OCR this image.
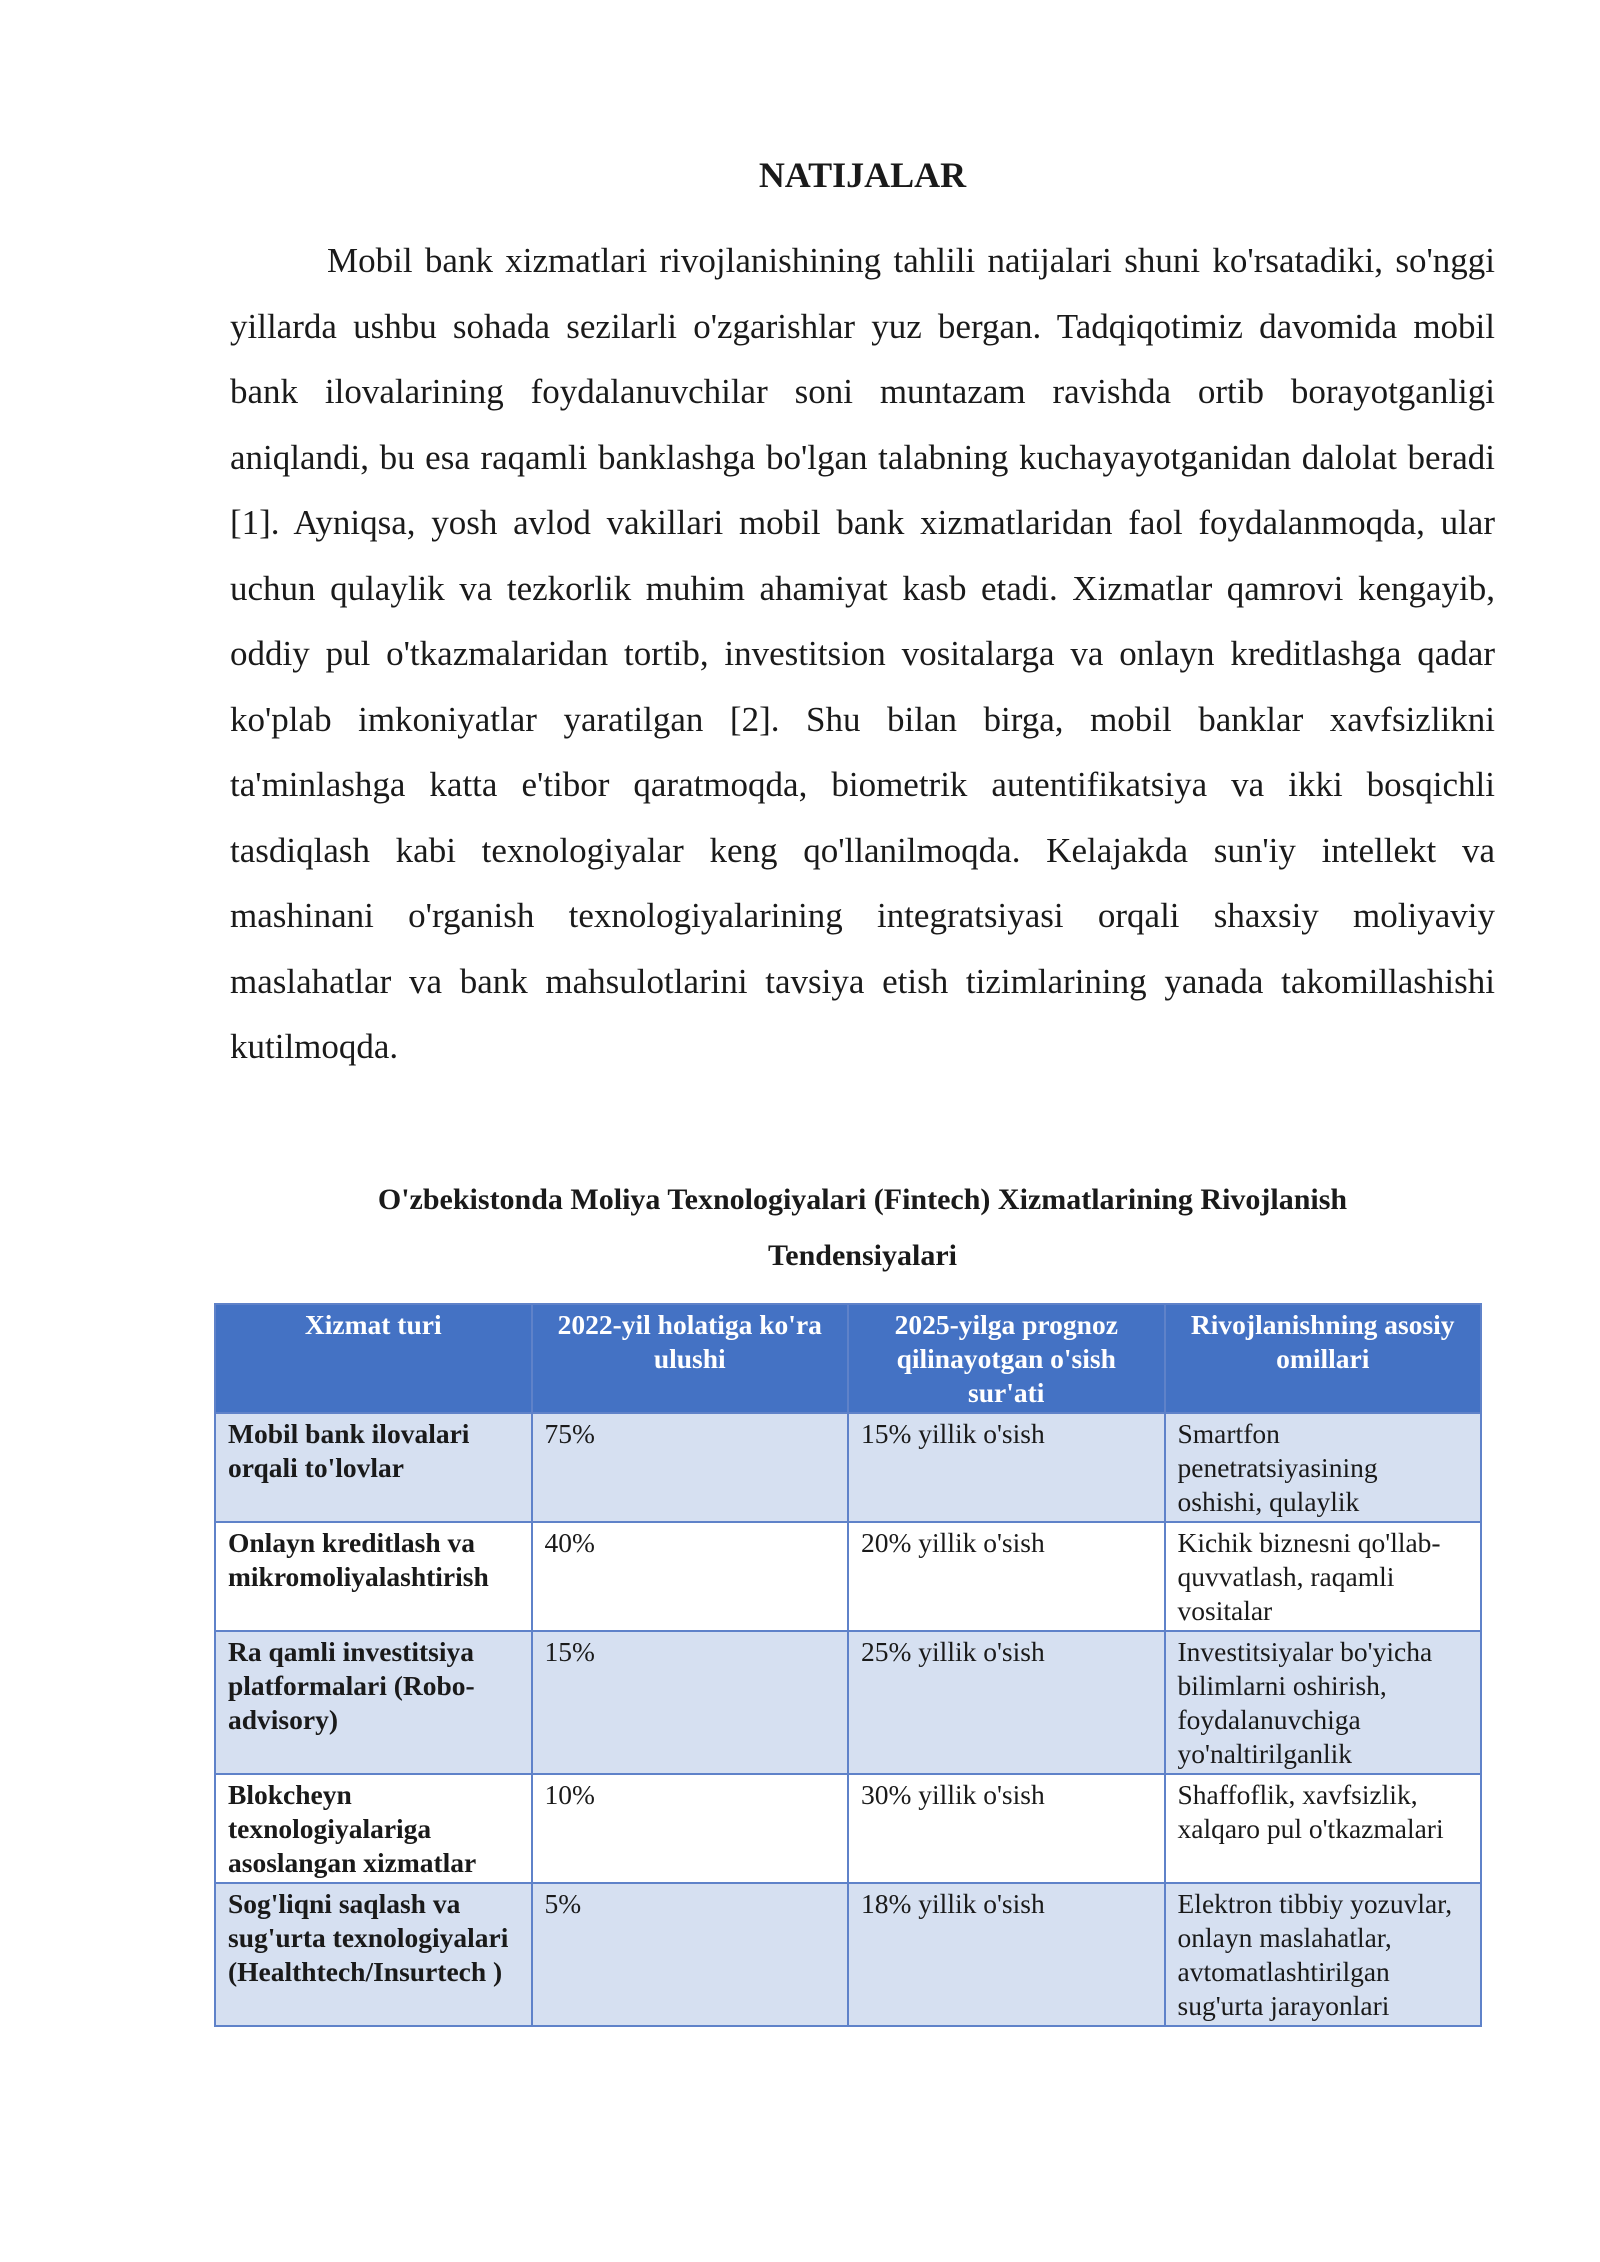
NATIJALAR

Mobil bank xizmatlari rivojlanishining tahlili natijalari shuni ko'rsatadiki, so'nggi yillarda ushbu sohada sezilarli o'zgarishlar yuz bergan. Tadqiqotimiz davomida mobil bank ilovalarining foydalanuvchilar soni muntazam ravishda ortib borayotganligi aniqlandi, bu esa raqamli banklashga bo'lgan talabning kuchayayotganidan dalolat beradi [1]. Ayniqsa, yosh avlod vakillari mobil bank xizmatlaridan faol foydalanmoqda, ular uchun qulaylik va tezkorlik muhim ahamiyat kasb etadi. Xizmatlar qamrovi kengayib, oddiy pul o'tkazmalaridan tortib, investitsion vositalarga va onlayn kreditlashga qadar ko'plab imkoniyatlar yaratilgan [2]. Shu bilan birga, mobil banklar xavfsizlikni ta'minlashga katta e'tibor qaratmoqda, biometrik autentifikatsiya va ikki bosqichli tasdiqlash kabi texnologiyalar keng qo'llanilmoqda. Kelajakda sun'iy intellekt va mashinani o'rganish texnologiyalarining integratsiyasi orqali shaxsiy moliyaviy maslahatlar va bank mahsulotlarini tavsiya etish tizimlarining yanada takomillashishi kutilmoqda.

O'zbekistonda Moliya Texnologiyalari (Fintech) Xizmatlarining Rivojlanish
Tendensiyalari
Xizmat turi	2022-yil holatiga ko'ra ulushi	2025-yilga prognoz qilinayotgan o'sish sur'ati	Rivojlanishning asosiy omillari
Mobil bank ilovalari orqali to'lovlar	75%	15% yillik o'sish	Smartfon penetratsiyasining oshishi, qulaylik
Onlayn kreditlash va mikromoliyalashtirish	40%	20% yillik o'sish	Kichik biznesni qo'llab-quvvatlash, raqamli vositalar
Ra qamli investitsiya platformalari (Robo-advisory)	15%	25% yillik o'sish	Investitsiyalar bo'yicha bilimlarni oshirish, foydalanuvchiga yo'naltirilganlik
Blokcheyn texnologiyalariga asoslangan xizmatlar	10%	30% yillik o'sish	Shaffoflik, xavfsizlik, xalqaro pul o'tkazmalari
Sog'liqni saqlash va sug'urta texnologiyalari (Healthtech/Insurtech )	5%	18% yillik o'sish	Elektron tibbiy yozuvlar, onlayn maslahatlar, avtomatlashtirilgan sug'urta jarayonlari
